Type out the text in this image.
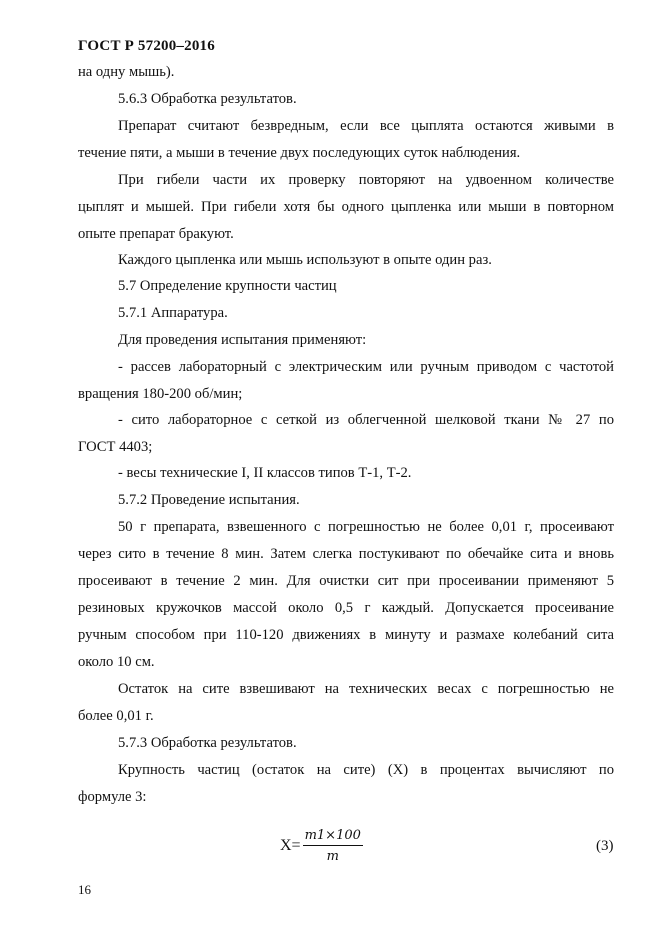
ГОСТ Р 57200–2016
на одну мышь).
5.6.3 Обработка результатов.
Препарат считают безвредным, если все цыплята остаются живыми в
течение пяти, а мыши в течение двух последующих суток наблюдения.
При гибели части их проверку повторяют на удвоенном количестве
цыплят и мышей. При гибели хотя бы одного цыпленка или мыши в повторном
опыте препарат бракуют.
Каждого цыпленка или мышь используют в опыте один раз.
5.7 Определение крупности частиц
5.7.1 Аппаратура.
Для проведения испытания применяют:
- рассев лабораторный с электрическим или ручным приводом с частотой
вращения 180-200 об/мин;
- сито лабораторное с сеткой из облегченной шелковой ткани № 27 по
ГОСТ 4403;
- весы технические I, II классов типов Т-1, Т-2.
5.7.2 Проведение испытания.
50 г препарата, взвешенного с погрешностью не более 0,01 г, просеивают
через сито в течение 8 мин. Затем слегка постукивают по обечайке сита и вновь
просеивают в течение 2 мин. Для очистки сит при просеивании применяют 5
резиновых кружочков массой около 0,5 г каждый. Допускается просеивание
ручным способом при 110-120 движениях в минуту и размахе колебаний сита
около 10 см.
Остаток на сите взвешивают на технических весах с погрешностью не
более 0,01 г.
5.7.3 Обработка результатов.
Крупность частиц (остаток на сите) (X) в процентах вычисляют по
формуле 3:
$X= \frac{m1\times 100}{m}$	(3)
16
